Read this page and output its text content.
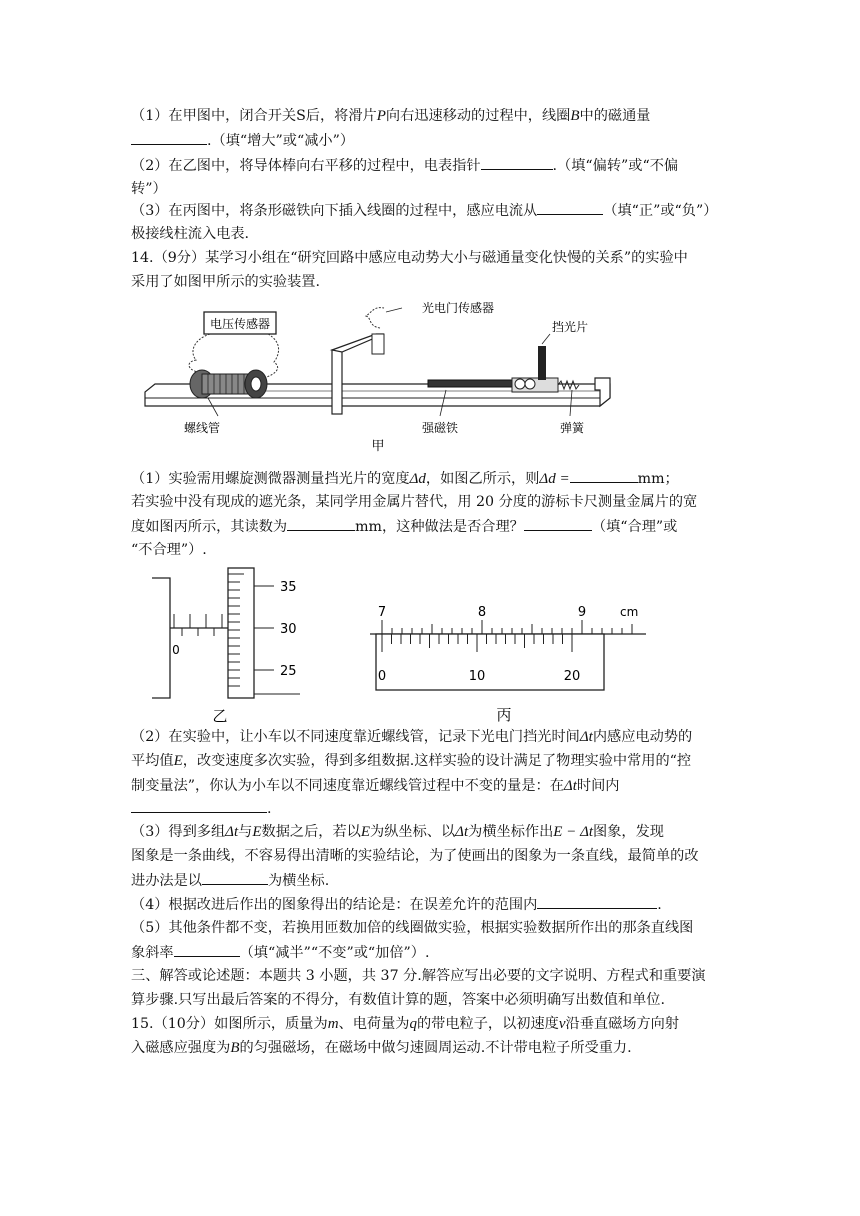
（1）在甲图中，闭合开关S后，将滑片P向右迅速移动的过程中，线圈B中的磁通量
.（填“增大”或“减小”）
（2）在乙图中，将导体棒向右平移的过程中，电表指针	.（填“偏转”或“不偏
转”）
（3）在丙图中，将条形磁铁向下插入线圈的过程中，感应电流从	（填“正”或“负”）
极接线柱流入电表.
14.（9分）某学习小组在“研究回路中感应电动势大小与磁通量变化快慢的关系”的实验中
采用了如图甲所示的实验装置.
电压传感器
螺线管
光电门传感器
强磁铁
挡光片
弹簧
甲
（1）实验需用螺旋测微器测量挡光片的宽度Δd，如图乙所示，则Δd =	mm；
若实验中没有现成的遮光条，某同学用金属片替代，用 20 分度的游标卡尺测量金属片的宽
度如图丙所示，其读数为	mm，这种做法是否合理？	（填“合理”或
“不合理”）.
0
35
30
25
乙
7	8	9	cm
0	10	20
丙
（2）在实验中，让小车以不同速度靠近螺线管，记录下光电门挡光时间Δt内感应电动势的
平均值E，改变速度多次实验，得到多组数据.这样实验的设计满足了物理实验中常用的“控
制变量法”，你认为小车以不同速度靠近螺线管过程中不变的量是：在Δt时间内
.
（3）得到多组Δt与E数据之后，若以E为纵坐标、以Δt为横坐标作出E − Δt图象，发现
图象是一条曲线，不容易得出清晰的实验结论，为了使画出的图象为一条直线，最简单的改
进办法是以	为横坐标.
（4）根据改进后作出的图象得出的结论是：在误差允许的范围内	.
（5）其他条件都不变，若换用匝数加倍的线圈做实验，根据实验数据所作出的那条直线图
象斜率	（填“减半”“不变”或“加倍”）.
三、解答或论述题：本题共 3 小题，共 37 分.解答应写出必要的文字说明、方程式和重要演
算步骤.只写出最后答案的不得分，有数值计算的题，答案中必须明确写出数值和单位.
15.（10分）如图所示，质量为m、电荷量为q的带电粒子，以初速度v沿垂直磁场方向射
入磁感应强度为B的匀强磁场，在磁场中做匀速圆周运动.不计带电粒子所受重力.
